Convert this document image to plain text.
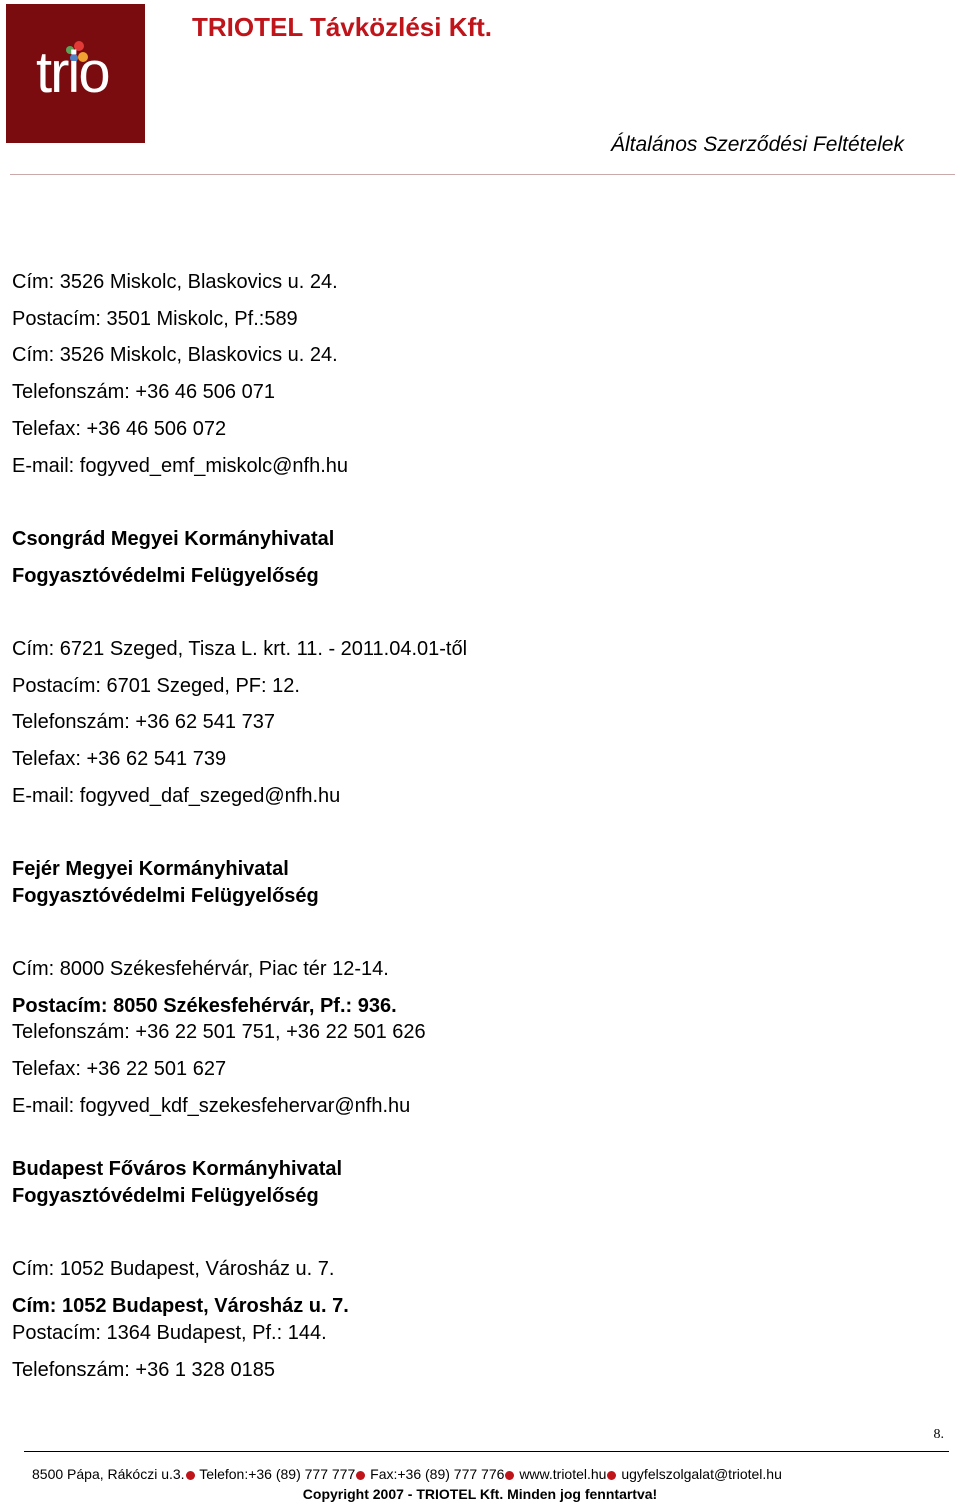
trio
TRIOTEL Távközlési Kft.
Általános Szerződési Feltételek
Cím: 3526 Miskolc, Blaskovics u. 24.
Postacím: 3501 Miskolc, Pf.:589
Cím: 3526 Miskolc, Blaskovics u. 24.
Telefonszám: +36 46 506 071
Telefax: +36 46 506 072
E-mail: fogyved_emf_miskolc@nfh.hu
Csongrád Megyei Kormányhivatal
Fogyasztóvédelmi Felügyelőség
Cím: 6721 Szeged, Tisza L. krt. 11. - 2011.04.01-től
Postacím: 6701 Szeged, PF: 12.
Telefonszám: +36 62 541 737
Telefax: +36 62 541 739
E-mail: fogyved_daf_szeged@nfh.hu
Fejér Megyei Kormányhivatal
Fogyasztóvédelmi Felügyelőség
Cím: 8000 Székesfehérvár, Piac tér 12-14.
Postacím: 8050 Székesfehérvár, Pf.: 936.
Telefonszám: +36 22 501 751, +36 22 501 626
Telefax: +36 22 501 627
E-mail: fogyved_kdf_szekesfehervar@nfh.hu
Budapest Főváros Kormányhivatal
Fogyasztóvédelmi Felügyelőség
Cím: 1052 Budapest, Városház u. 7.
Cím: 1052 Budapest, Városház u. 7.
Postacím: 1364 Budapest, Pf.: 144.
Telefonszám: +36 1 328 0185
8.
8500 Pápa, Rákóczi u.3. Telefon:+36 (89) 777 777 Fax:+36 (89) 777 776 www.triotel.hu ugyfelszolgalat@triotel.hu
Copyright 2007 - TRIOTEL Kft. Minden jog fenntartva!
